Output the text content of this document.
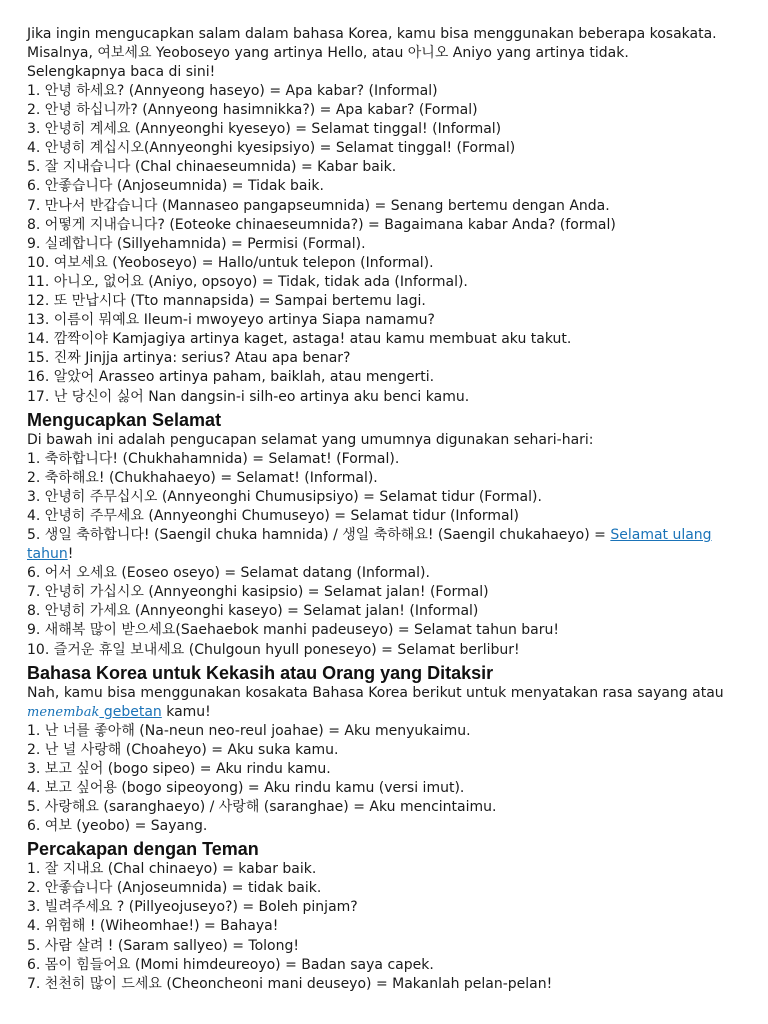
Jika ingin mengucapkan salam dalam bahasa Korea, kamu bisa menggunakan beberapa kosakata. Misalnya, 여보세요 Yeoboseyo yang artinya Hello, atau 아니오 Aniyo yang artinya tidak. Selengkapnya baca di sini!

1. 안녕 하세요? (Annyeong haseyo) = Apa kabar? (Informal)
2. 안녕 하십니까? (Annyeong hasimnikka?) = Apa kabar? (Formal)
3. 안녕히 계세요 (Annyeonghi kyeseyo) = Selamat tinggal! (Informal)
4. 안녕히 계십시오(Annyeonghi kyesipsiyo) = Selamat tinggal! (Formal)
5. 잘 지내습니다 (Chal chinaeseumnida) = Kabar baik.
6. 안좋습니다 (Anjoseumnida) = Tidak baik.
7. 만나서 반갑습니다 (Mannaseo pangapseumnida) = Senang bertemu dengan Anda.
8. 어떻게 지내습니다? (Eoteoke chinaeseumnida?) = Bagaimana kabar Anda? (formal)
9. 실례합니다 (Sillyehamnida) = Permisi (Formal).
10. 여보세요 (Yeoboseyo) = Hallo/untuk telepon (Informal).
11. 아니오, 없어요 (Aniyo, opsoyo) = Tidak, tidak ada (Informal).
12. 또 만납시다 (Tto mannapsida) = Sampai bertemu lagi.
13. 이름이 뭐예요 Ileum-i mwoyeyo artinya Siapa namamu?
14. 깜짝이야 Kamjagiya artinya kaget, astaga! atau kamu membuat aku takut.
15. 진짜 Jinjja artinya: serius? Atau apa benar?
16. 알았어 Arasseo artinya paham, baiklah, atau mengerti.
17. 난 당신이 싫어 Nan dangsin-i silh-eo artinya aku benci kamu.
Mengucapkan Selamat

Di bawah ini adalah pengucapan selamat yang umumnya digunakan sehari-hari:

1. 축하합니다! (Chukhahamnida) = Selamat! (Formal).
2. 축하해요! (Chukhahaeyo) = Selamat! (Informal).
3. 안녕히 주무십시오 (Annyeonghi Chumusipsiyo) = Selamat tidur (Formal).
4. 안녕히 주무세요 (Annyeonghi Chumuseyo) = Selamat tidur (Informal)
5. 생일 축하합니다! (Saengil chuka hamnida) / 생일 축하해요! (Saengil chukahaeyo) = Selamat ulang tahun!
6. 어서 오세요 (Eoseo oseyo) = Selamat datang (Informal).
7. 안녕히 가십시오 (Annyeonghi kasipsio) = Selamat jalan! (Formal)
8. 안녕히 가세요 (Annyeonghi kaseyo) = Selamat jalan! (Informal)
9. 새해복 많이 받으세요(Saehaebok manhi padeuseyo) = Selamat tahun baru!
10. 즐거운 휴일 보내세요 (Chulgoun hyull poneseyo) = Selamat berlibur!
Bahasa Korea untuk Kekasih atau Orang yang Ditaksir

Nah, kamu bisa menggunakan kosakata Bahasa Korea berikut untuk menyatakan rasa sayang atau menembak gebetan kamu!

1. 난 너를 좋아해 (Na-neun neo-reul joahae) = Aku menyukaimu.
2. 난 널 사랑해 (Choaheyo) = Aku suka kamu.
3. 보고 싶어 (bogo sipeo) = Aku rindu kamu.
4. 보고 싶어용 (bogo sipeoyong) = Aku rindu kamu (versi imut).
5. 사랑해요 (saranghaeyo) / 사랑해 (saranghae) = Aku mencintaimu.
6. 여보 (yeobo) = Sayang.
Percakapan dengan Teman
1. 잘 지내요 (Chal chinaeyo) = kabar baik.
2. 안좋습니다 (Anjoseumnida) = tidak baik.
3. 빌려주세요 ? (Pillyeojuseyo?) = Boleh pinjam?
4. 위험해 ! (Wiheomhae!) = Bahaya!
5. 사람 살려 ! (Saram sallyeo) = Tolong!
6. 몸이 힘들어요 (Momi himdeureoyo) = Badan saya capek.
7. 천천히 많이 드세요 (Cheoncheoni mani deuseyo) = Makanlah pelan-pelan!
